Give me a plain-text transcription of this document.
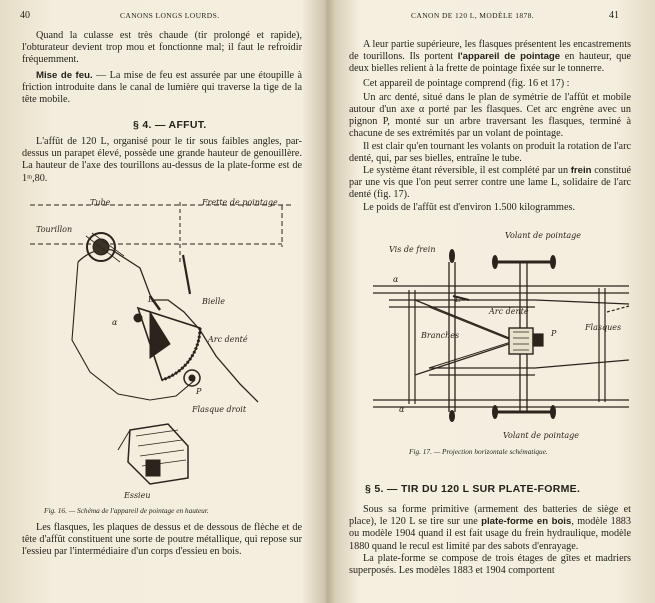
40	CANONS LONGS LOURDS.

Quand la culasse est très chaude (tir prolongé et rapide), l'obturateur devient trop mou et fonctionne mal; il faut le refroidir fréquemment.

Mise de feu. — La mise de feu est assurée par une étoupille à friction introduite dans le canal de lumière qui traverse la tige de la tête mobile.

§ 4. — AFFUT.

L'affût de 120 L, organisé pour le tir sous faibles angles, par-dessus un parapet élevé, possède une grande hauteur de genouillère. La hauteur de l'axe des tourillons au-dessus de la plate-forme est de 1ᵐ,80.

Tube	Frette de pointage
Tourillon
L	Bielle
α
Arc denté
P
Flasque droit
Essieu
Fig. 16. — Schéma de l'appareil de pointage en hauteur.

Les flasques, les plaques de dessus et de dessous de flèche et de tête d'affût constituent une sorte de poutre métallique, qui repose sur l'essieu par l'intermédiaire d'un corps d'essieu en bois.

CANON DE 120 L, MODÈLE 1878.	41

A leur partie supérieure, les flasques présentent les encastrements de tourillons. Ils portent l'appareil de pointage en hauteur, que deux bielles relient à la frette de pointage fixée sur le tonnerre.

Cet appareil de pointage comprend (fig. 16 et 17) :

Un arc denté, situé dans le plan de symétrie de l'affût et mobile autour d'un axe α porté par les flasques. Cet arc engrène avec un pignon P, monté sur un arbre traversant les flasques, terminé à chacune de ses extrémités par un volant de pointage.

Il est clair qu'en tournant les volants on produit la rotation de l'arc denté, qui, par ses bielles, entraîne le tube.

Le système étant réversible, il est complété par un frein constitué par une vis que l'on peut serrer contre une lame L, solidaire de l'arc denté (fig. 17).

Le poids de l'affût est d'environ 1.500 kilogrammes.

Vis de frein
Volant de pointage
α
L
Arc denté
Branches	P
Flasques
α
Volant de pointage
Fig. 17. — Projection horizontale schématique.
§ 5. — TIR DU 120 L SUR PLATE-FORME.

Sous sa forme primitive (armement des batteries de siège et place), le 120 L se tire sur une plate-forme en bois, modèle 1883 ou modèle 1904 quand il est fait usage du frein hydraulique, modèle 1880 quand le recul est limité par des sabots d'enrayage.

La plate-forme se compose de trois étages de gîtes et madriers superposés. Les modèles 1883 et 1904 comportent
